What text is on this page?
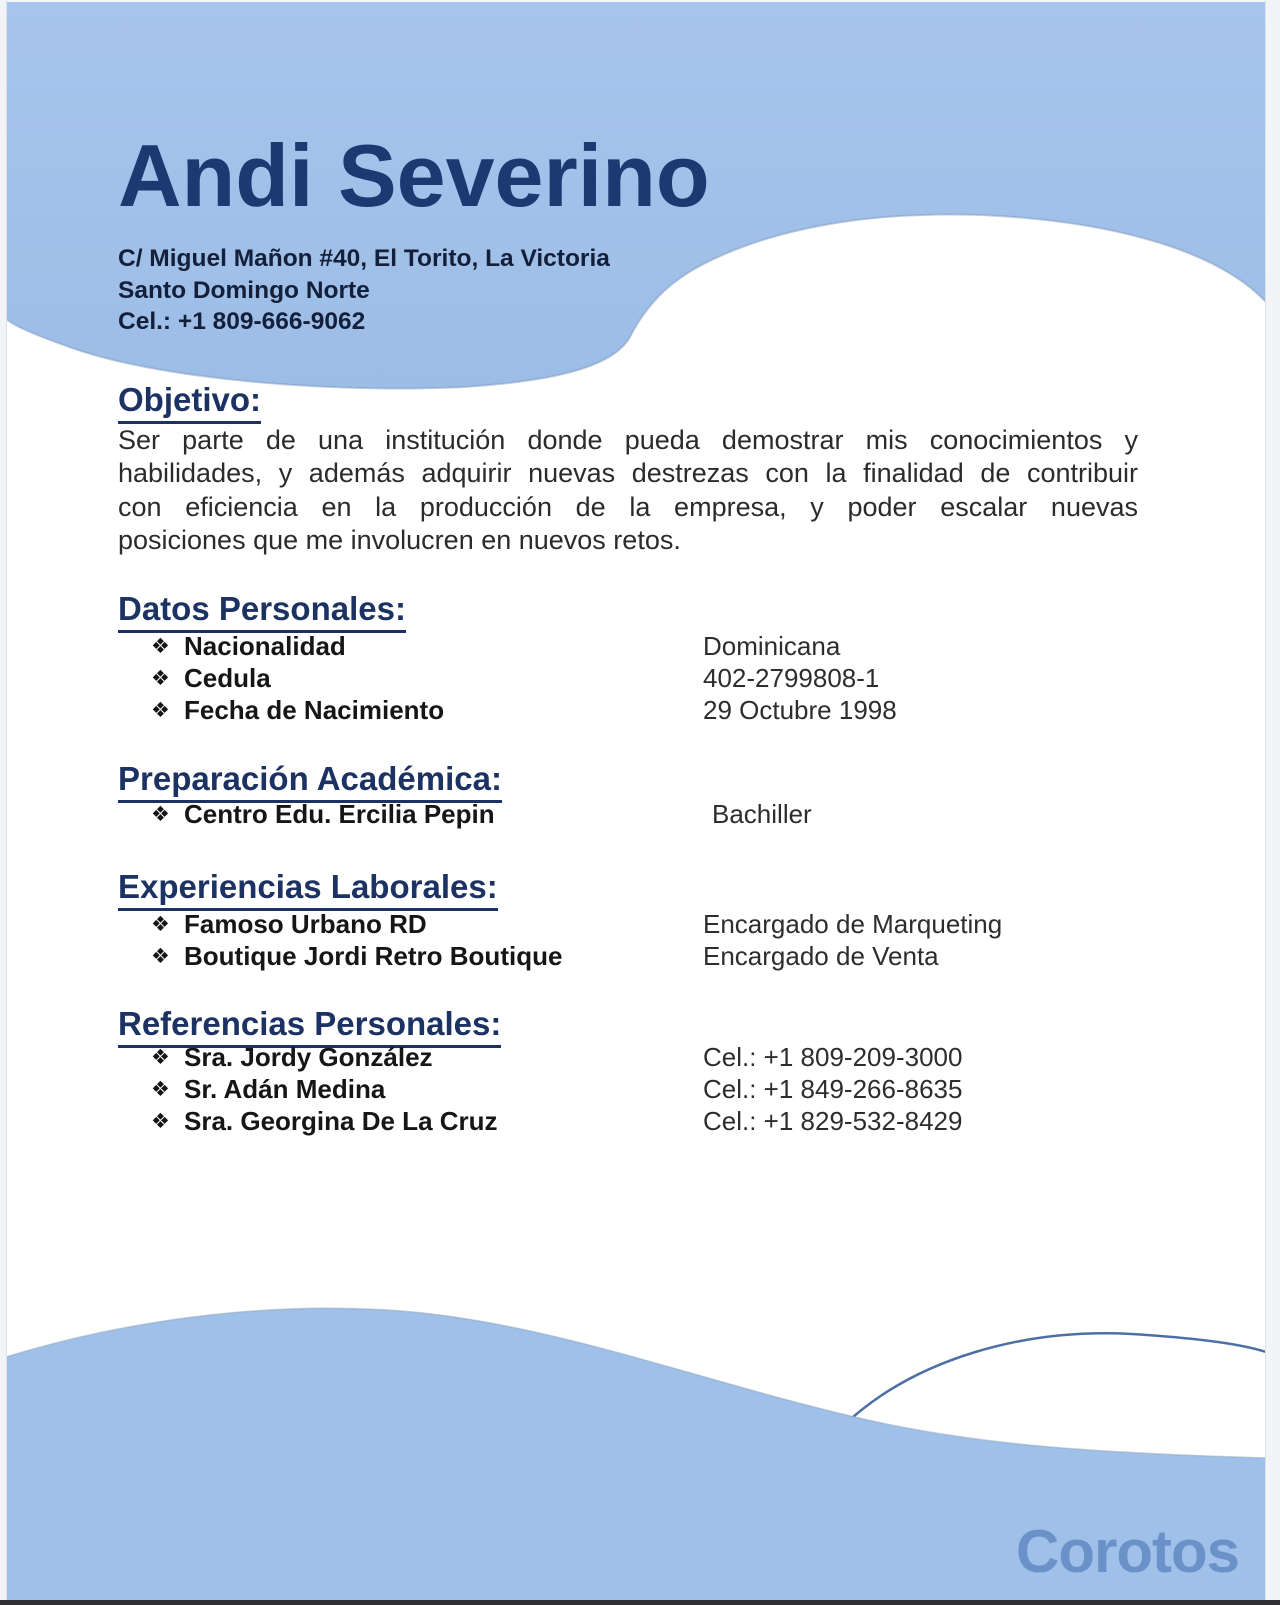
Andi Severino
C/ Miguel Mañon #40, El Torito, La Victoria
Santo Domingo Norte
Cel.: +1 809-666-9062
Objetivo:
Ser parte de una institución donde pueda demostrar mis conocimientos y
habilidades, y además adquirir nuevas destrezas con la finalidad de contribuir
con eficiencia en la producción de la empresa, y poder escalar nuevas
posiciones que me involucren en nuevos retos.
Datos Personales:
❖ Nacionalidad	Dominicana
❖ Cedula	402-2799808-1
❖ Fecha de Nacimiento	29 Octubre 1998
Preparación Académica:
❖ Centro Edu. Ercilia Pepin	Bachiller
Experiencias Laborales:
❖ Famoso Urbano RD	Encargado de Marqueting
❖ Boutique Jordi Retro Boutique	Encargado de Venta
Referencias Personales:
❖ Sra. Jordy González	Cel.: +1 809-209-3000
❖ Sr. Adán Medina	Cel.: +1 849-266-8635
❖ Sra. Georgina De La Cruz	Cel.: +1 829-532-8429
Corotos
